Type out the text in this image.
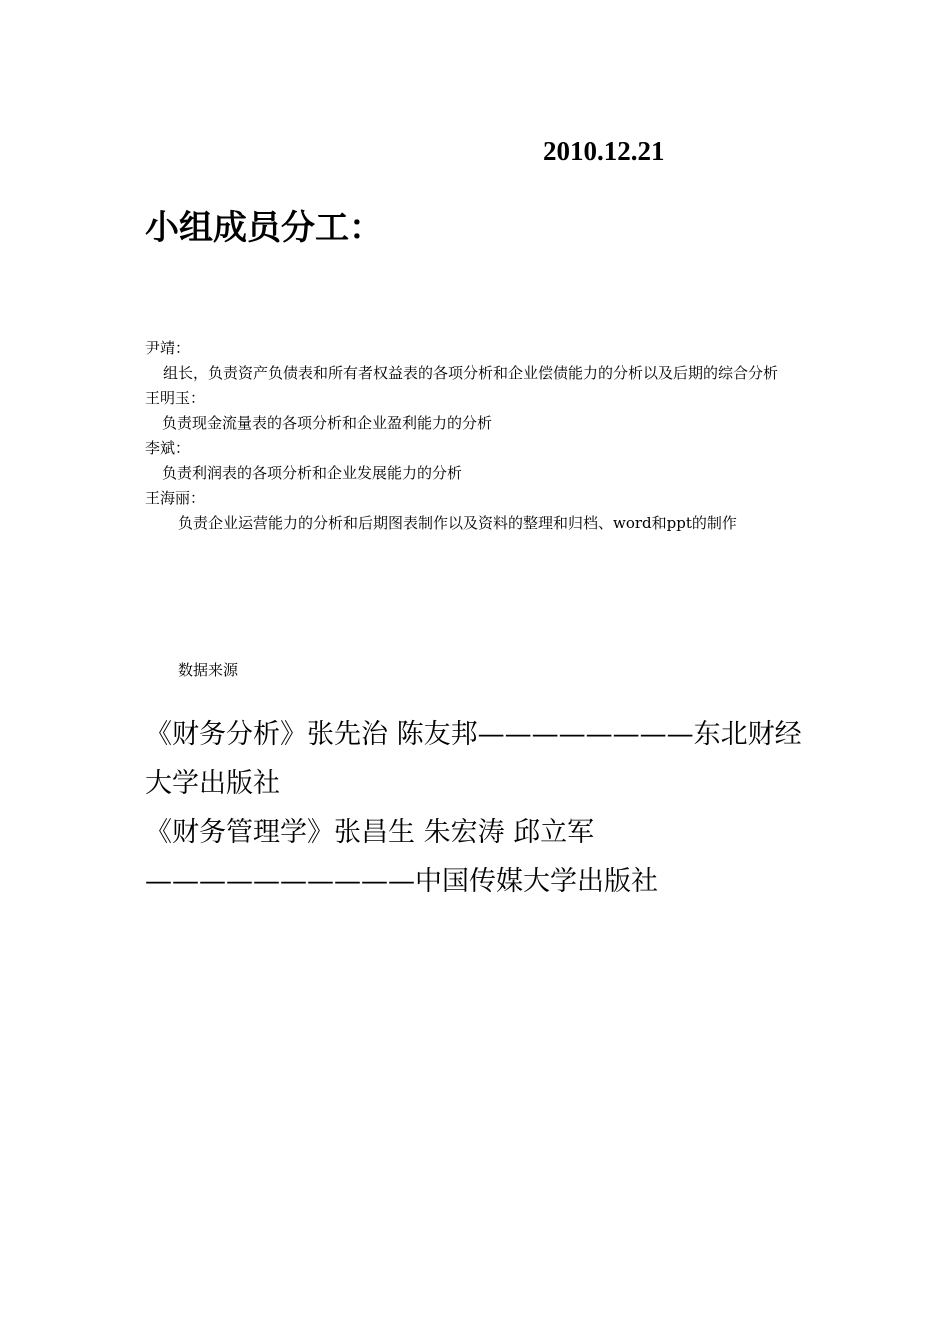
2010.12.21
小组成员分工：

尹靖：

组长，负责资产负债表和所有者权益表的各项分析和企业偿债能力的分析以及后期的综合分析

王明玉：

负责现金流量表的各项分析和企业盈利能力的分析

李斌：

负责利润表的各项分析和企业发展能力的分析

王海丽：

负责企业运营能力的分析和后期图表制作以及资料的整理和归档、word和ppt的制作

数据来源

《财务分析》张先治 陈友邦————————东北财经大学出版社

《财务管理学》张昌生 朱宏涛 邱立军——————————中国传媒大学出版社
